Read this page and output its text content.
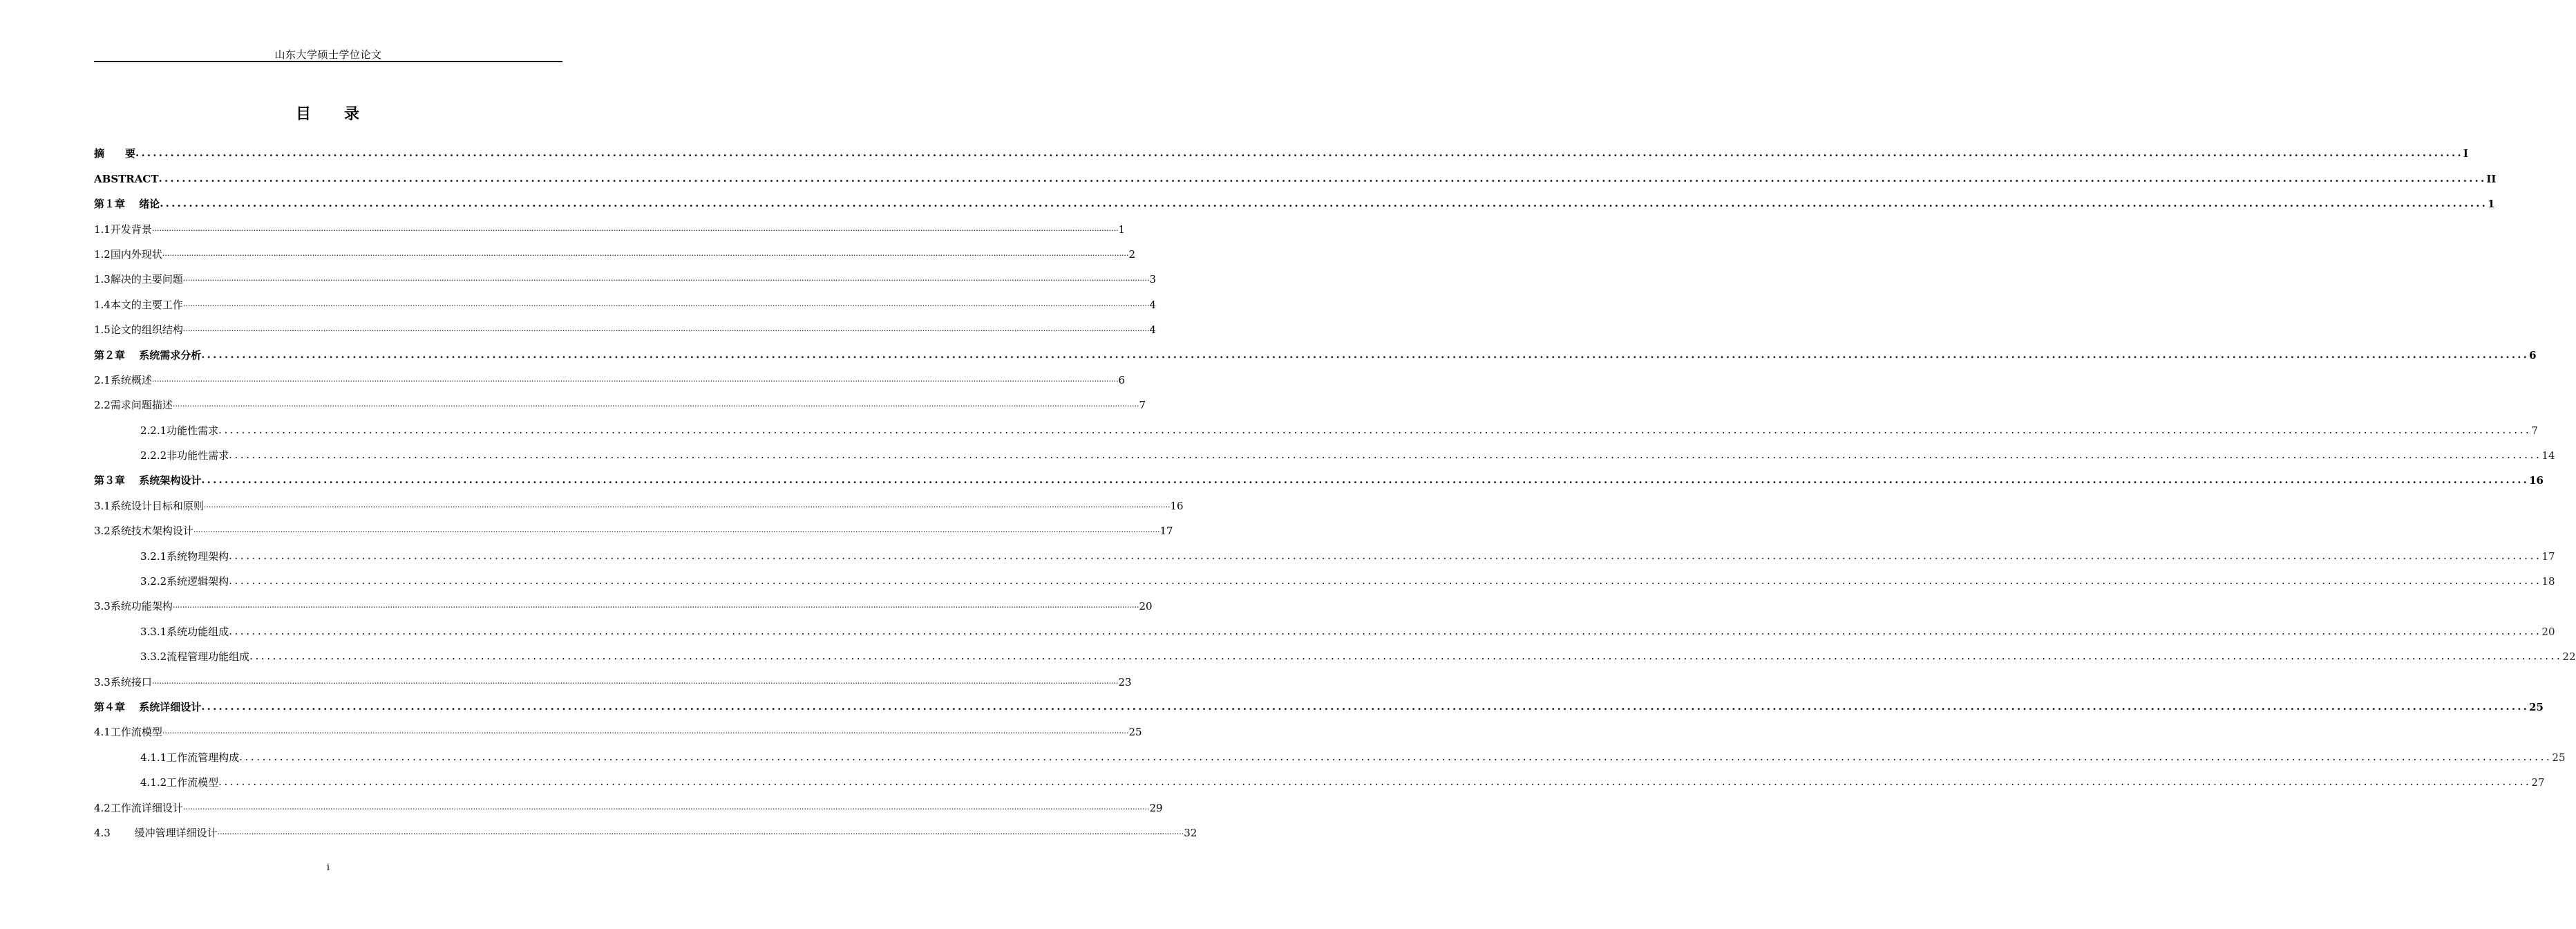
山东大学硕士学位论文
目 录
摘　　要 ................................................................................................................................................................................................................................................................................................................................................................................................................ I
ABSTRACT ................................................................................................................................................................................................................................................................................................................................................................................................................ II
第１章　 绪论 ................................................................................................................................................................................................................................................................................................................................................................................................................ 1
1.1开发背景 ................................................................................................................................................................................................................................................................................................................................................................................................................ 1
1.2国内外现状 ................................................................................................................................................................................................................................................................................................................................................................................................................ 2
1.3解决的主要问题 ................................................................................................................................................................................................................................................................................................................................................................................................................ 3
1.4本文的主要工作 ................................................................................................................................................................................................................................................................................................................................................................................................................ 4
1.5论文的组织结构 ................................................................................................................................................................................................................................................................................................................................................................................................................ 4
第２章　 系统需求分析 ................................................................................................................................................................................................................................................................................................................................................................................................................ 6
2.1系统概述 ................................................................................................................................................................................................................................................................................................................................................................................................................ 6
2.2需求问题描述 ................................................................................................................................................................................................................................................................................................................................................................................................................ 7
2.2.1功能性需求 ................................................................................................................................................................................................................................................................................................................................................................................................................ 7
2.2.2非功能性需求 ................................................................................................................................................................................................................................................................................................................................................................................................................ 14
第３章　 系统架构设计 ................................................................................................................................................................................................................................................................................................................................................................................................................ 16
3.1系统设计目标和原则 ................................................................................................................................................................................................................................................................................................................................................................................................................ 16
3.2系统技术架构设计 ................................................................................................................................................................................................................................................................................................................................................................................................................ 17
3.2.1系统物理架构 ................................................................................................................................................................................................................................................................................................................................................................................................................ 17
3.2.2系统逻辑架构 ................................................................................................................................................................................................................................................................................................................................................................................................................ 18
3.3系统功能架构 ................................................................................................................................................................................................................................................................................................................................................................................................................ 20
3.3.1系统功能组成 ................................................................................................................................................................................................................................................................................................................................................................................................................ 20
3.3.2流程管理功能组成 ................................................................................................................................................................................................................................................................................................................................................................................................................ 22
3.3系统接口 ................................................................................................................................................................................................................................................................................................................................................................................................................ 23
第４章　 系统详细设计 ................................................................................................................................................................................................................................................................................................................................................................................................................ 25
4.1工作流模型 ................................................................................................................................................................................................................................................................................................................................................................................................................ 25
4.1.1工作流管理构成 ................................................................................................................................................................................................................................................................................................................................................................................................................ 25
4.1.2工作流模型 ................................................................................................................................................................................................................................................................................................................................................................................................................ 27
4.2工作流详细设计 ................................................................................................................................................................................................................................................................................................................................................................................................................ 29
4.3　　 缓冲管理详细设计 ................................................................................................................................................................................................................................................................................................................................................................................................................ 32
i
